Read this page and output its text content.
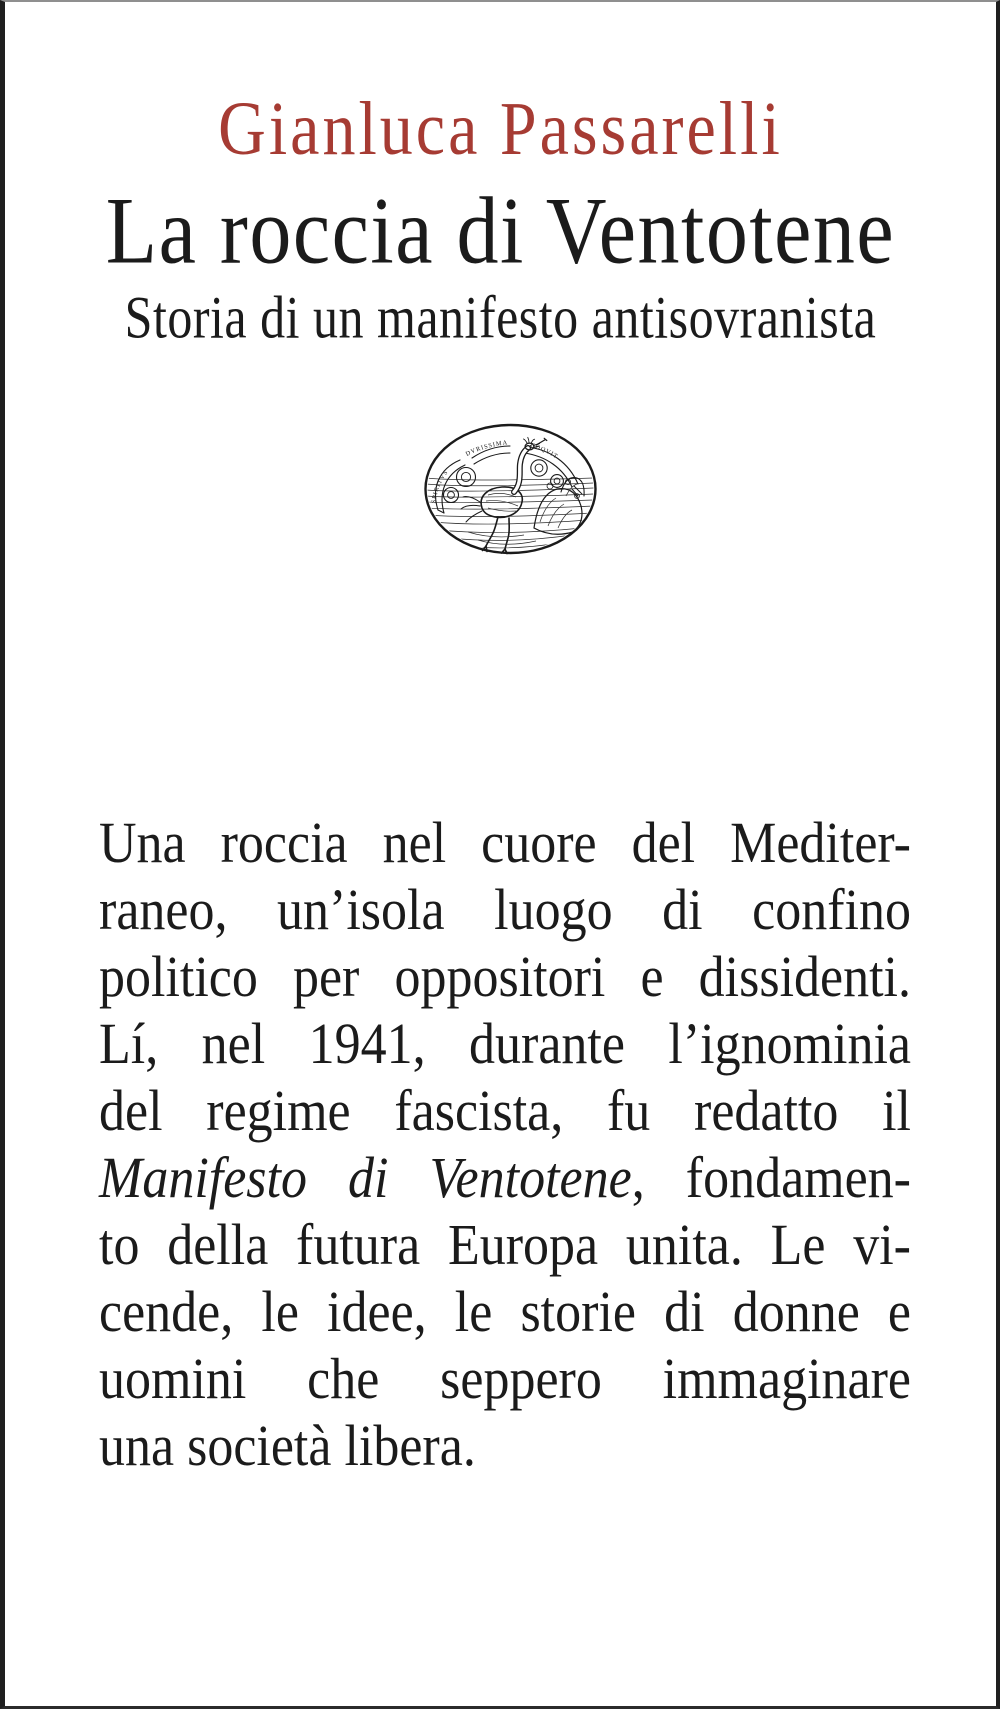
Gianluca Passarelli
La roccia di Ventotene
Storia di un manifesto antisovranista
SPIRITVS
DVRISSIMA	COQVIT
Una roccia nel cuore del Mediter-
raneo, un’isola luogo di confino
politico per oppositori e dissidenti.
Lí, nel 1941, durante l’ignominia
del regime fascista, fu redatto il
Manifesto di Ventotene, fondamen-
to della futura Europa unita. Le vi-
cende, le idee, le storie di donne e
uomini che seppero immaginare
una società libera.
